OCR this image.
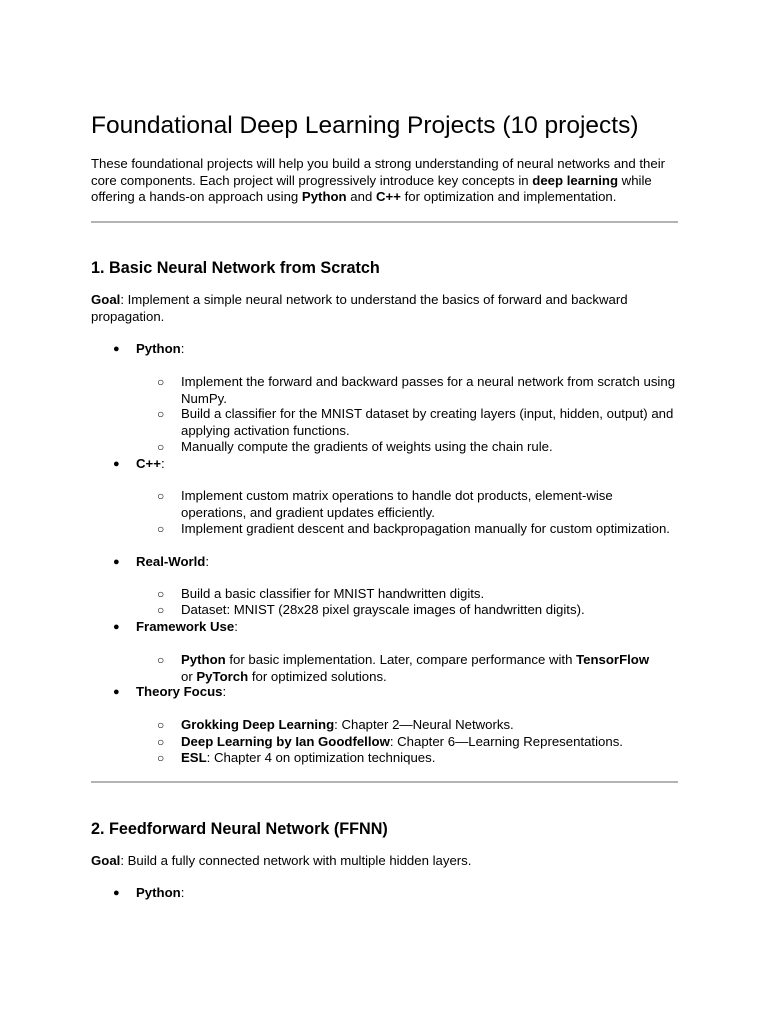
Foundational Deep Learning Projects (10 projects)

These foundational projects will help you build a strong understanding of neural networks and their core components. Each project will progressively introduce key concepts in deep learning while offering a hands-on approach using Python and C++ for optimization and implementation.

1. Basic Neural Network from Scratch

Goal: Implement a simple neural network to understand the basics of forward and backward propagation.

● Python:
○ Implement the forward and backward passes for a neural network from scratch using NumPy.
○ Build a classifier for the MNIST dataset by creating layers (input, hidden, output) and applying activation functions.
○ Manually compute the gradients of weights using the chain rule.
● C++:
○ Implement custom matrix operations to handle dot products, element-wise operations, and gradient updates efficiently.
○ Implement gradient descent and backpropagation manually for custom optimization.
● Real-World:
○ Build a basic classifier for MNIST handwritten digits.
○ Dataset: MNIST (28x28 pixel grayscale images of handwritten digits).
● Framework Use:
○ Python for basic implementation. Later, compare performance with TensorFlow
or PyTorch for optimized solutions.
● Theory Focus:
○ Grokking Deep Learning: Chapter 2—Neural Networks.
○ Deep Learning by Ian Goodfellow: Chapter 6—Learning Representations.
○ ESL: Chapter 4 on optimization techniques.
2. Feedforward Neural Network (FFNN)

Goal: Build a fully connected network with multiple hidden layers.

● Python:
